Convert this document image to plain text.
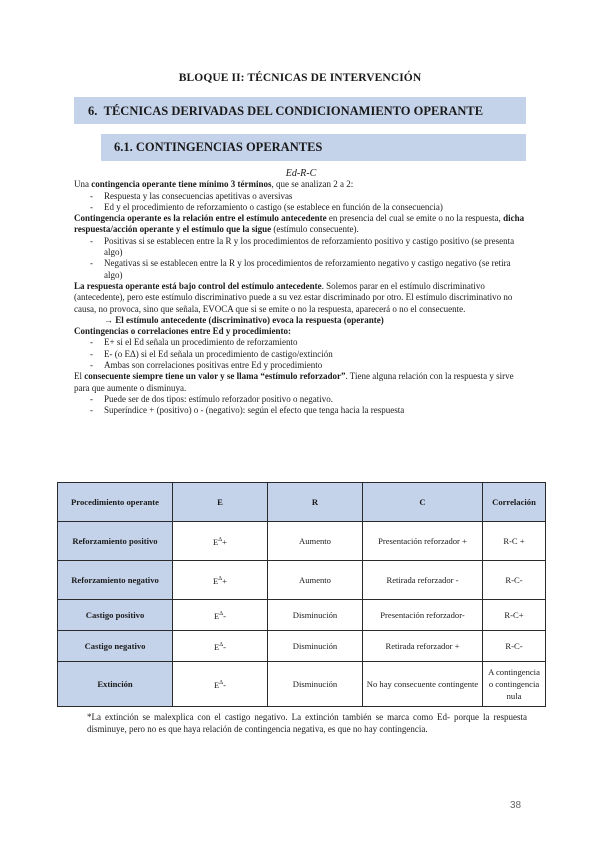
BLOQUE II: TÉCNICAS DE INTERVENCIÓN
6. TÉCNICAS DERIVADAS DEL CONDICIONAMIENTO OPERANTE
6.1. CONTINGENCIAS OPERANTES

Ed-R-C

Una contingencia operante tiene mínimo 3 términos, que se analizan 2 a 2:

- Respuesta y las consecuencias apetitivas o aversivas
- Ed y el procedimiento de reforzamiento o castigo (se establece en función de la consecuencia)

Contingencia operante es la relación entre el estímulo antecedente en presencia del cual se emite o no la respuesta, dicha respuesta/acción operante y el estímulo que la sigue (estímulo consecuente).

- Positivas si se establecen entre la R y los procedimientos de reforzamiento positivo y castigo positivo (se presenta algo)
- Negativas si se establecen entre la R y los procedimientos de reforzamiento negativo y castigo negativo (se retira algo)

La respuesta operante está bajo control del estímulo antecedente. Solemos parar en el estímulo discriminativo (antecedente), pero este estímulo discriminativo puede a su vez estar discriminado por otro. El estímulo discriminativo no causa, no provoca, sino que señala, EVOCA que si se emite o no la respuesta, aparecerá o no el consecuente.

→ El estímulo antecedente (discriminativo) evoca la respuesta (operante)

Contingencias o correlaciones entre Ed y procedimiento:

- E+ si el Ed señala un procedimiento de reforzamiento
- E- (o EΔ) si el Ed señala un procedimiento de castigo/extinción
- Ambas son correlaciones positivas entre Ed y procedimiento

El consecuente siempre tiene un valor y se llama “estímulo reforzador”. Tiene alguna relación con la respuesta y sirve para que aumente o disminuya.

- Puede ser de dos tipos: estímulo reforzador positivo o negativo.
- Superíndice + (positivo) o - (negativo): según el efecto que tenga hacia la respuesta
Procedimiento operante	E	R	C	Correlación
Reforzamiento positivo	$E^\Delta+$	Aumento	Presentación reforzador +	R-C +
Reforzamiento negativo	$E^\Delta+$	Aumento	Retirada reforzador -	R-C-
Castigo positivo	$E^\Delta-$	Disminución	Presentación reforzador-	R-C+
Castigo negativo	$E^\Delta-$	Disminución	Retirada reforzador +	R-C-
Extinción	$E^\Delta-$	Disminución	No hay consecuente contingente	A contingencia o contingencia nula
*La extinción se malexplica con el castigo negativo. La extinción también se marca como Ed- porque la respuesta disminuye, pero no es que haya relación de contingencia negativa, es que no hay contingencia.
38
